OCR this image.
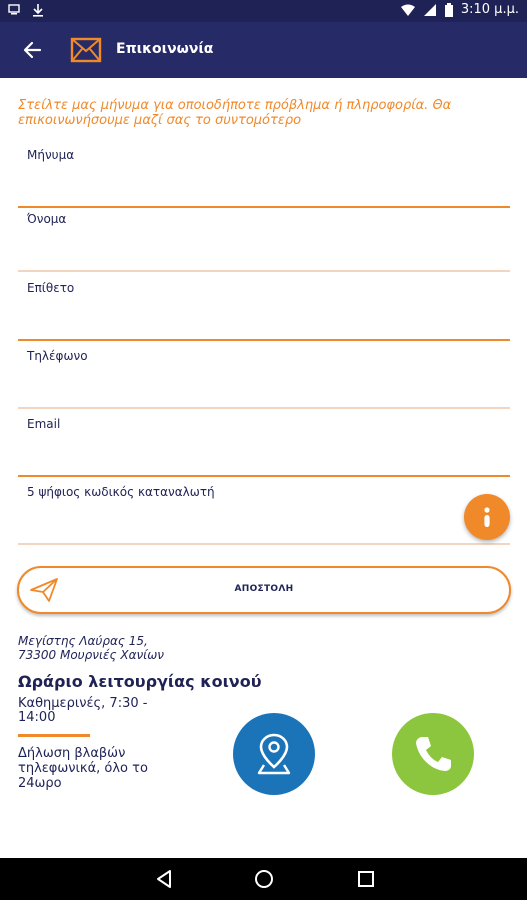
3:10 μ.μ.
Επικοινωνία
Στείλτε μας μήνυμα για οποιοδήποτε πρόβλημα ή πληροφορία. Θα επικοινωνήσουμε μαζί σας το συντομότερο
Μήνυμα
Όνομα
Επίθετο
Τηλέφωνο
Email
5 ψήφιος κωδικός καταναλωτή
ΑΠΟΣΤΟΛΗ
Μεγίστης Λαύρας 15,
73300 Μουρνιές Χανίων
Ωράριο λειτουργίας κοινού
Καθημερινές, 7:30 - 14:00
Δήλωση βλαβών τηλεφωνικά, όλο το 24ωρο
